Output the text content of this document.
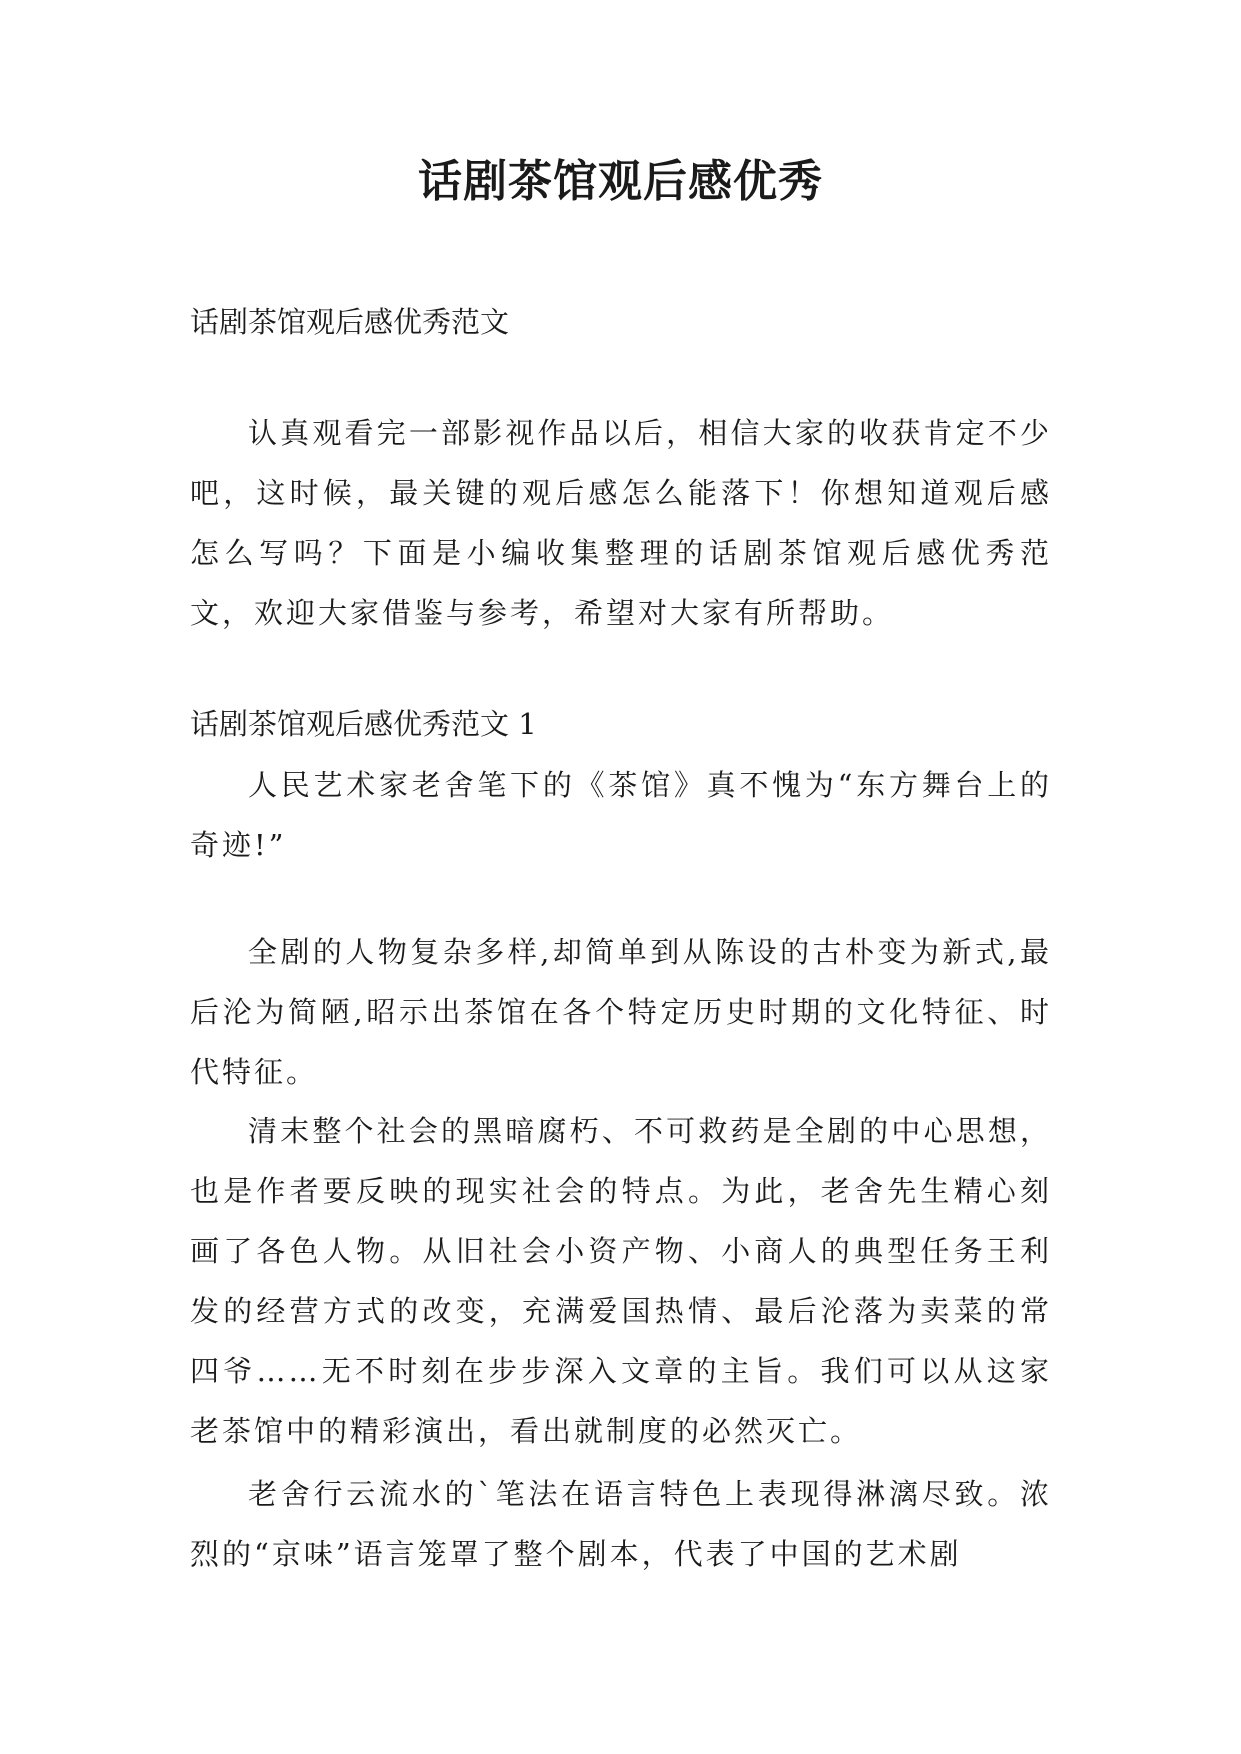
话剧茶馆观后感优秀
话剧茶馆观后感优秀范文

认真观看完一部影视作品以后，相信大家的收获肯定不少吧，这时候，最关键的观后感怎么能落下！你想知道观后感怎么写吗？下面是小编收集整理的话剧茶馆观后感优秀范文，欢迎大家借鉴与参考，希望对大家有所帮助。

话剧茶馆观后感优秀范文 1

人民艺术家老舍笔下的《茶馆》真不愧为“东方舞台上的奇迹!”

全剧的人物复杂多样,却简单到从陈设的古朴变为新式,最后沦为简陋,昭示出茶馆在各个特定历史时期的文化特征、时代特征。

清末整个社会的黑暗腐朽、不可救药是全剧的中心思想，也是作者要反映的现实社会的特点。为此，老舍先生精心刻画了各色人物。从旧社会小资产物、小商人的典型任务王利发的经营方式的改变，充满爱国热情、最后沦落为卖菜的常四爷……无不时刻在步步深入文章的主旨。我们可以从这家老茶馆中的精彩演出，看出就制度的必然灭亡。

老舍行云流水的`笔法在语言特色上表现得淋漓尽致。浓烈的“京味”语言笼罩了整个剧本，代表了中国的艺术剧
